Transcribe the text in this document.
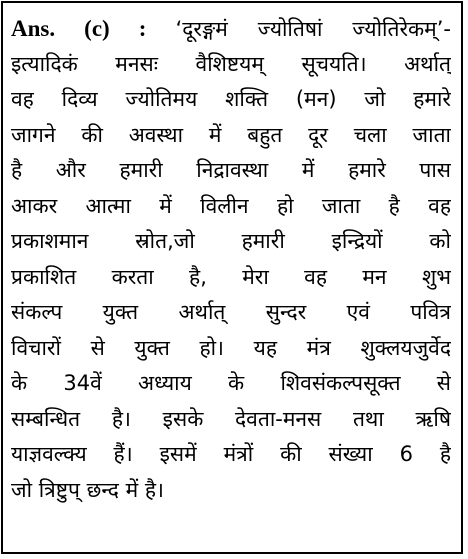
Ans. (c) : ‘दूरङ्गमं ज्योतिषां ज्योतिरेकम्’-
इत्यादिकं मनसः वैशिष्टयम् सूचयति। अर्थात्
वह दिव्य ज्योतिमय शक्ति (मन) जो हमारे
जागने की अवस्था में बहुत दूर चला जाता
है और हमारी निद्रावस्था में हमारे पास
आकर आत्मा में विलीन हो जाता है वह
प्रकाशमान स्रोत,जो हमारी इन्द्रियों को
प्रकाशित करता है, मेरा वह मन शुभ
संकल्प युक्त अर्थात् सुन्दर एवं पवित्र
विचारों से युक्त हो। यह मंत्र शुक्लयजुर्वेद
के 34वें अध्याय के शिवसंकल्पसूक्त से
सम्बन्धित है। इसके देवता-मनस तथा ऋषि
याज्ञवल्क्य हैं। इसमें मंत्रों की संख्या 6 है
जो त्रिष्टुप् छन्द में है।
